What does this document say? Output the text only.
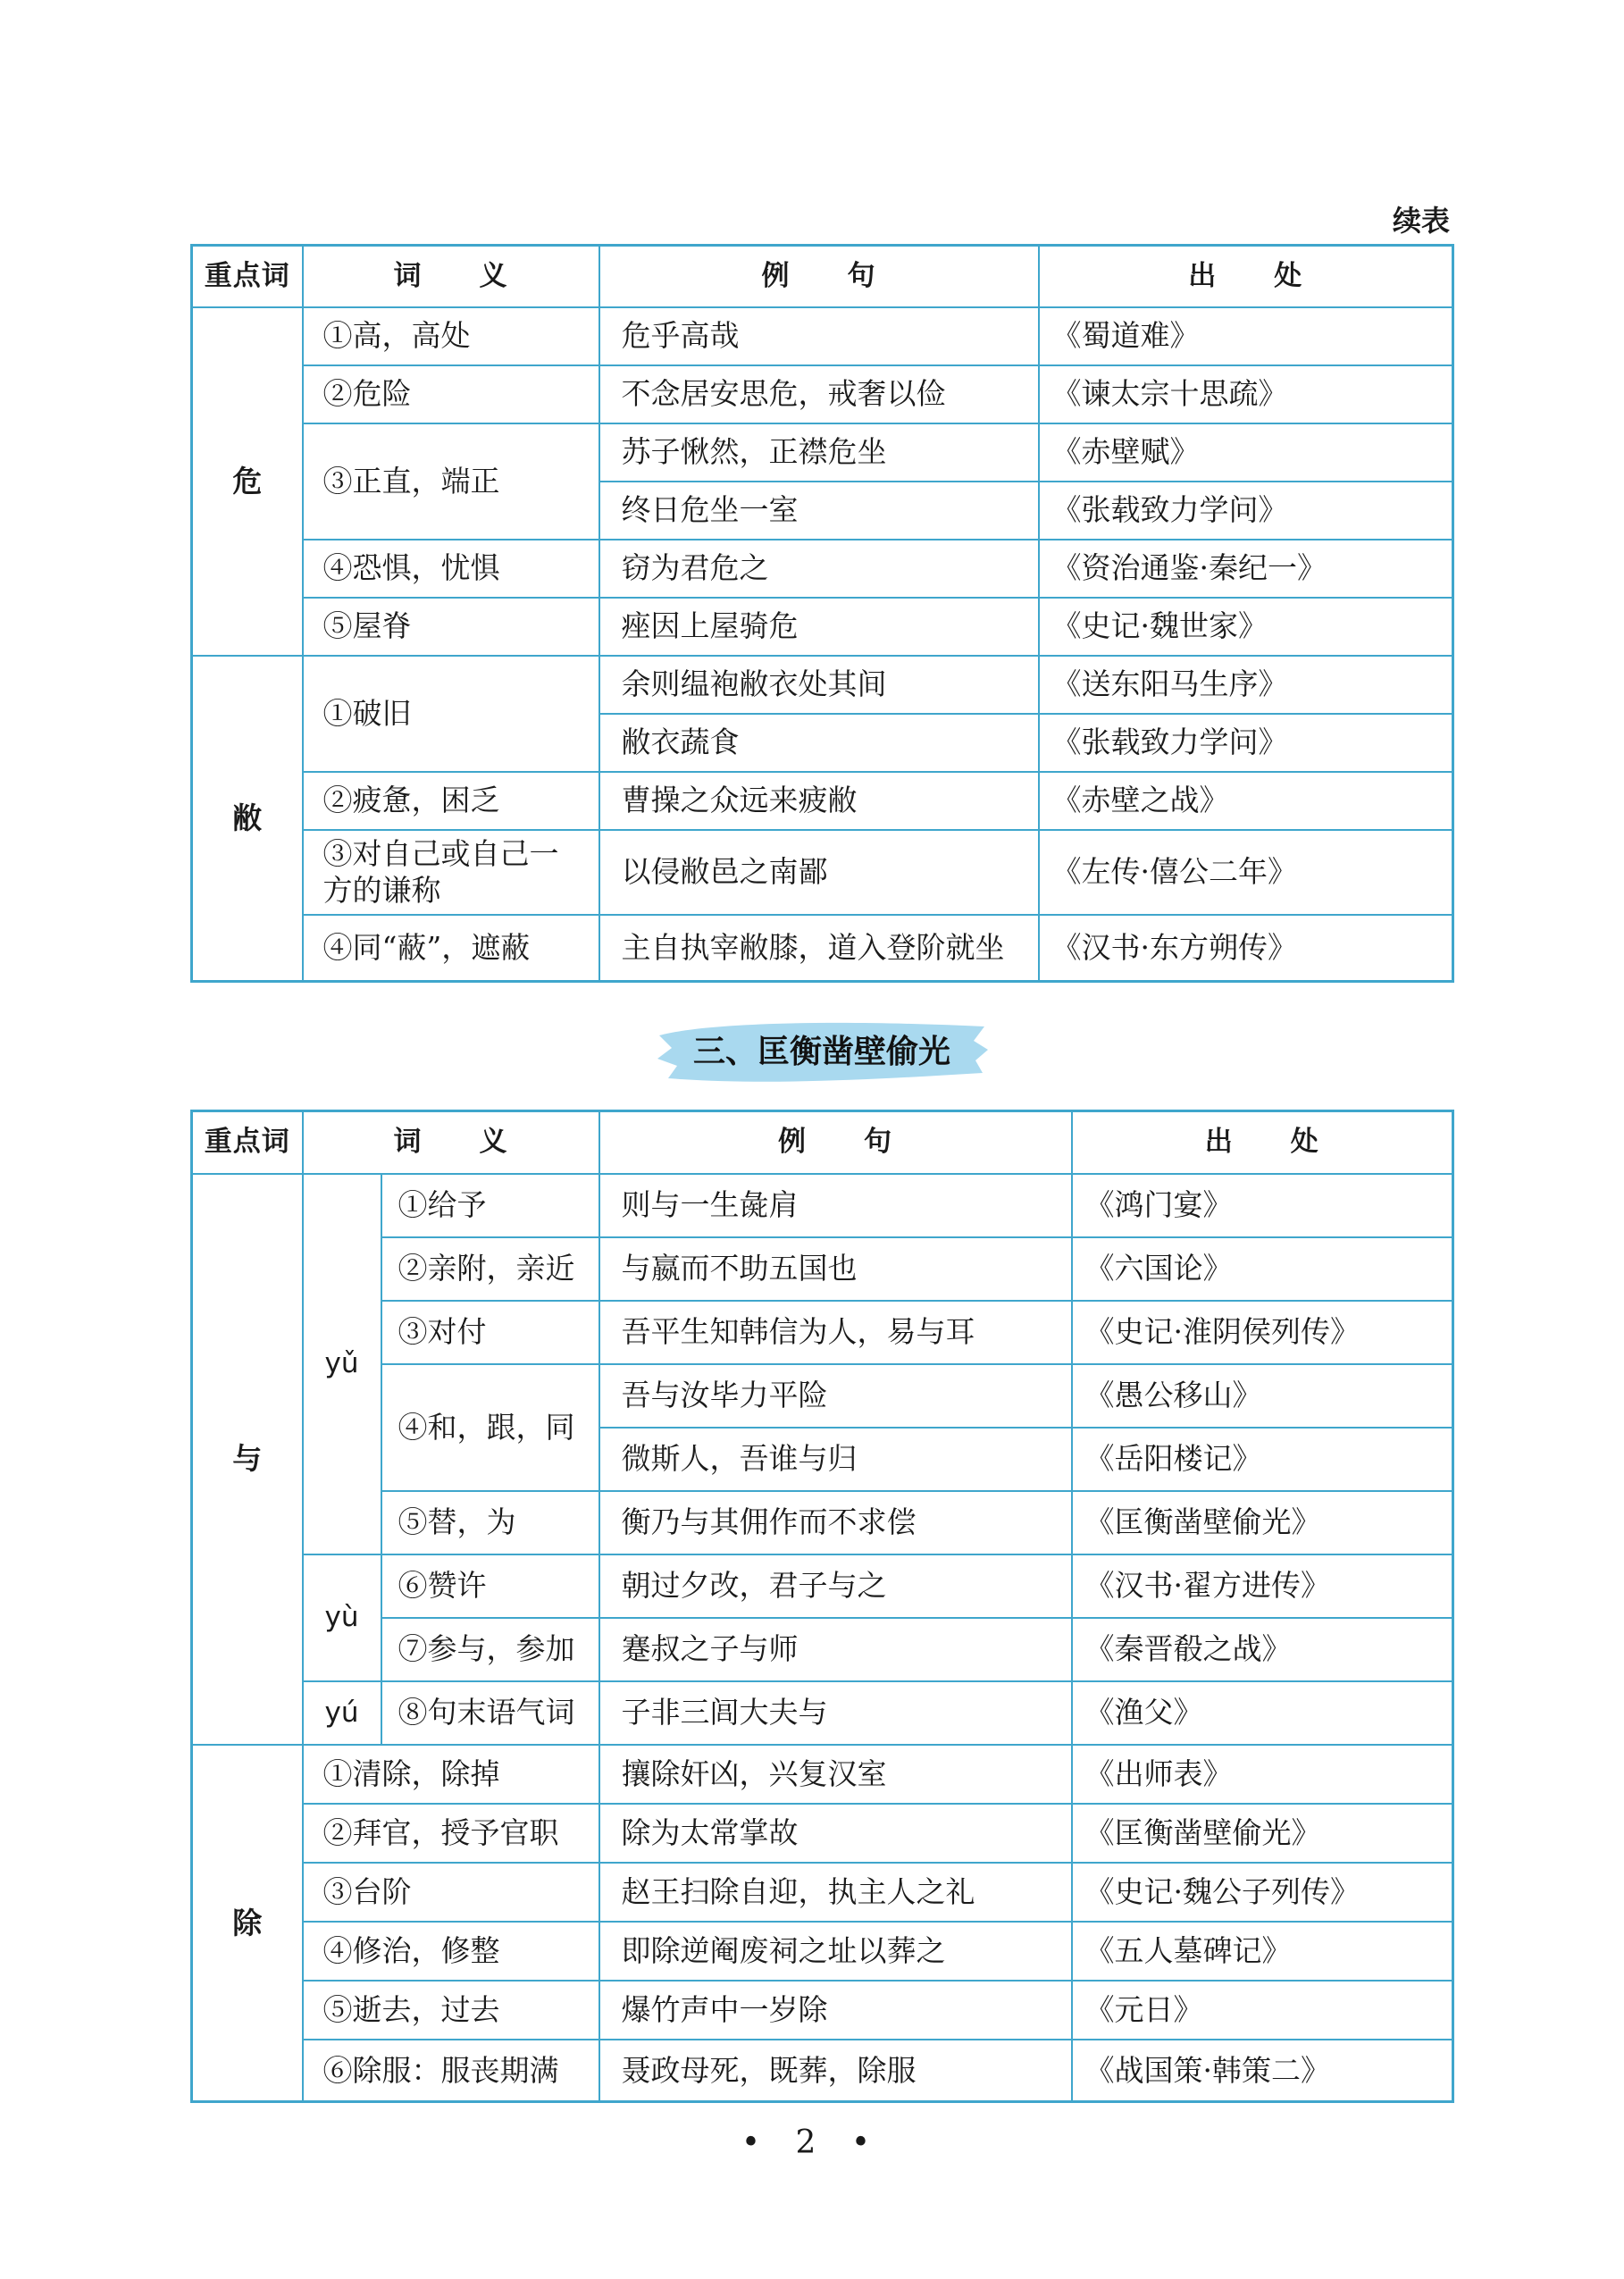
续表
重点词	词　　义	例　　句	出　　处
危	①高，高处	危乎高哉	《蜀道难》
	②危险	不念居安思危，戒奢以俭	《谏太宗十思疏》
	③正直，端正	苏子愀然，正襟危坐	《赤壁赋》
		终日危坐一室	《张载致力学问》
	④恐惧，忧惧	窃为君危之	《资治通鉴·秦纪一》
	⑤屋脊	痤因上屋骑危	《史记·魏世家》
敝	①破旧	余则缊袍敝衣处其间	《送东阳马生序》
		敝衣蔬食	《张载致力学问》
	②疲惫，困乏	曹操之众远来疲敝	《赤壁之战》
	③对自己或自己一方的谦称	以侵敝邑之南鄙	《左传·僖公二年》
	④同“蔽”，遮蔽	主自执宰敝膝，道入登阶就坐	《汉书·东方朔传》
三、匡衡凿壁偷光
重点词	词　　义		例　　句	出　　处
与	yǔ	①给予	则与一生彘肩	《鸿门宴》
		②亲附，亲近	与嬴而不助五国也	《六国论》
		③对付	吾平生知韩信为人，易与耳	《史记·淮阴侯列传》
		④和，跟，同	吾与汝毕力平险	《愚公移山》
			微斯人，吾谁与归	《岳阳楼记》
		⑤替，为	衡乃与其佣作而不求偿	《匡衡凿壁偷光》
	yù	⑥赞许	朝过夕改，君子与之	《汉书·翟方进传》
		⑦参与，参加	蹇叔之子与师	《秦晋殽之战》
	yú	⑧句末语气词	子非三闾大夫与	《渔父》
除	①清除，除掉		攘除奸凶，兴复汉室	《出师表》
	②拜官，授予官职		除为太常掌故	《匡衡凿壁偷光》
	③台阶		赵王扫除自迎，执主人之礼	《史记·魏公子列传》
	④修治，修整		即除逆阉废祠之址以葬之	《五人墓碑记》
	⑤逝去，过去		爆竹声中一岁除	《元日》
	⑥除服：服丧期满		聂政母死，既葬，除服	《战国策·韩策二》
• 2 •
